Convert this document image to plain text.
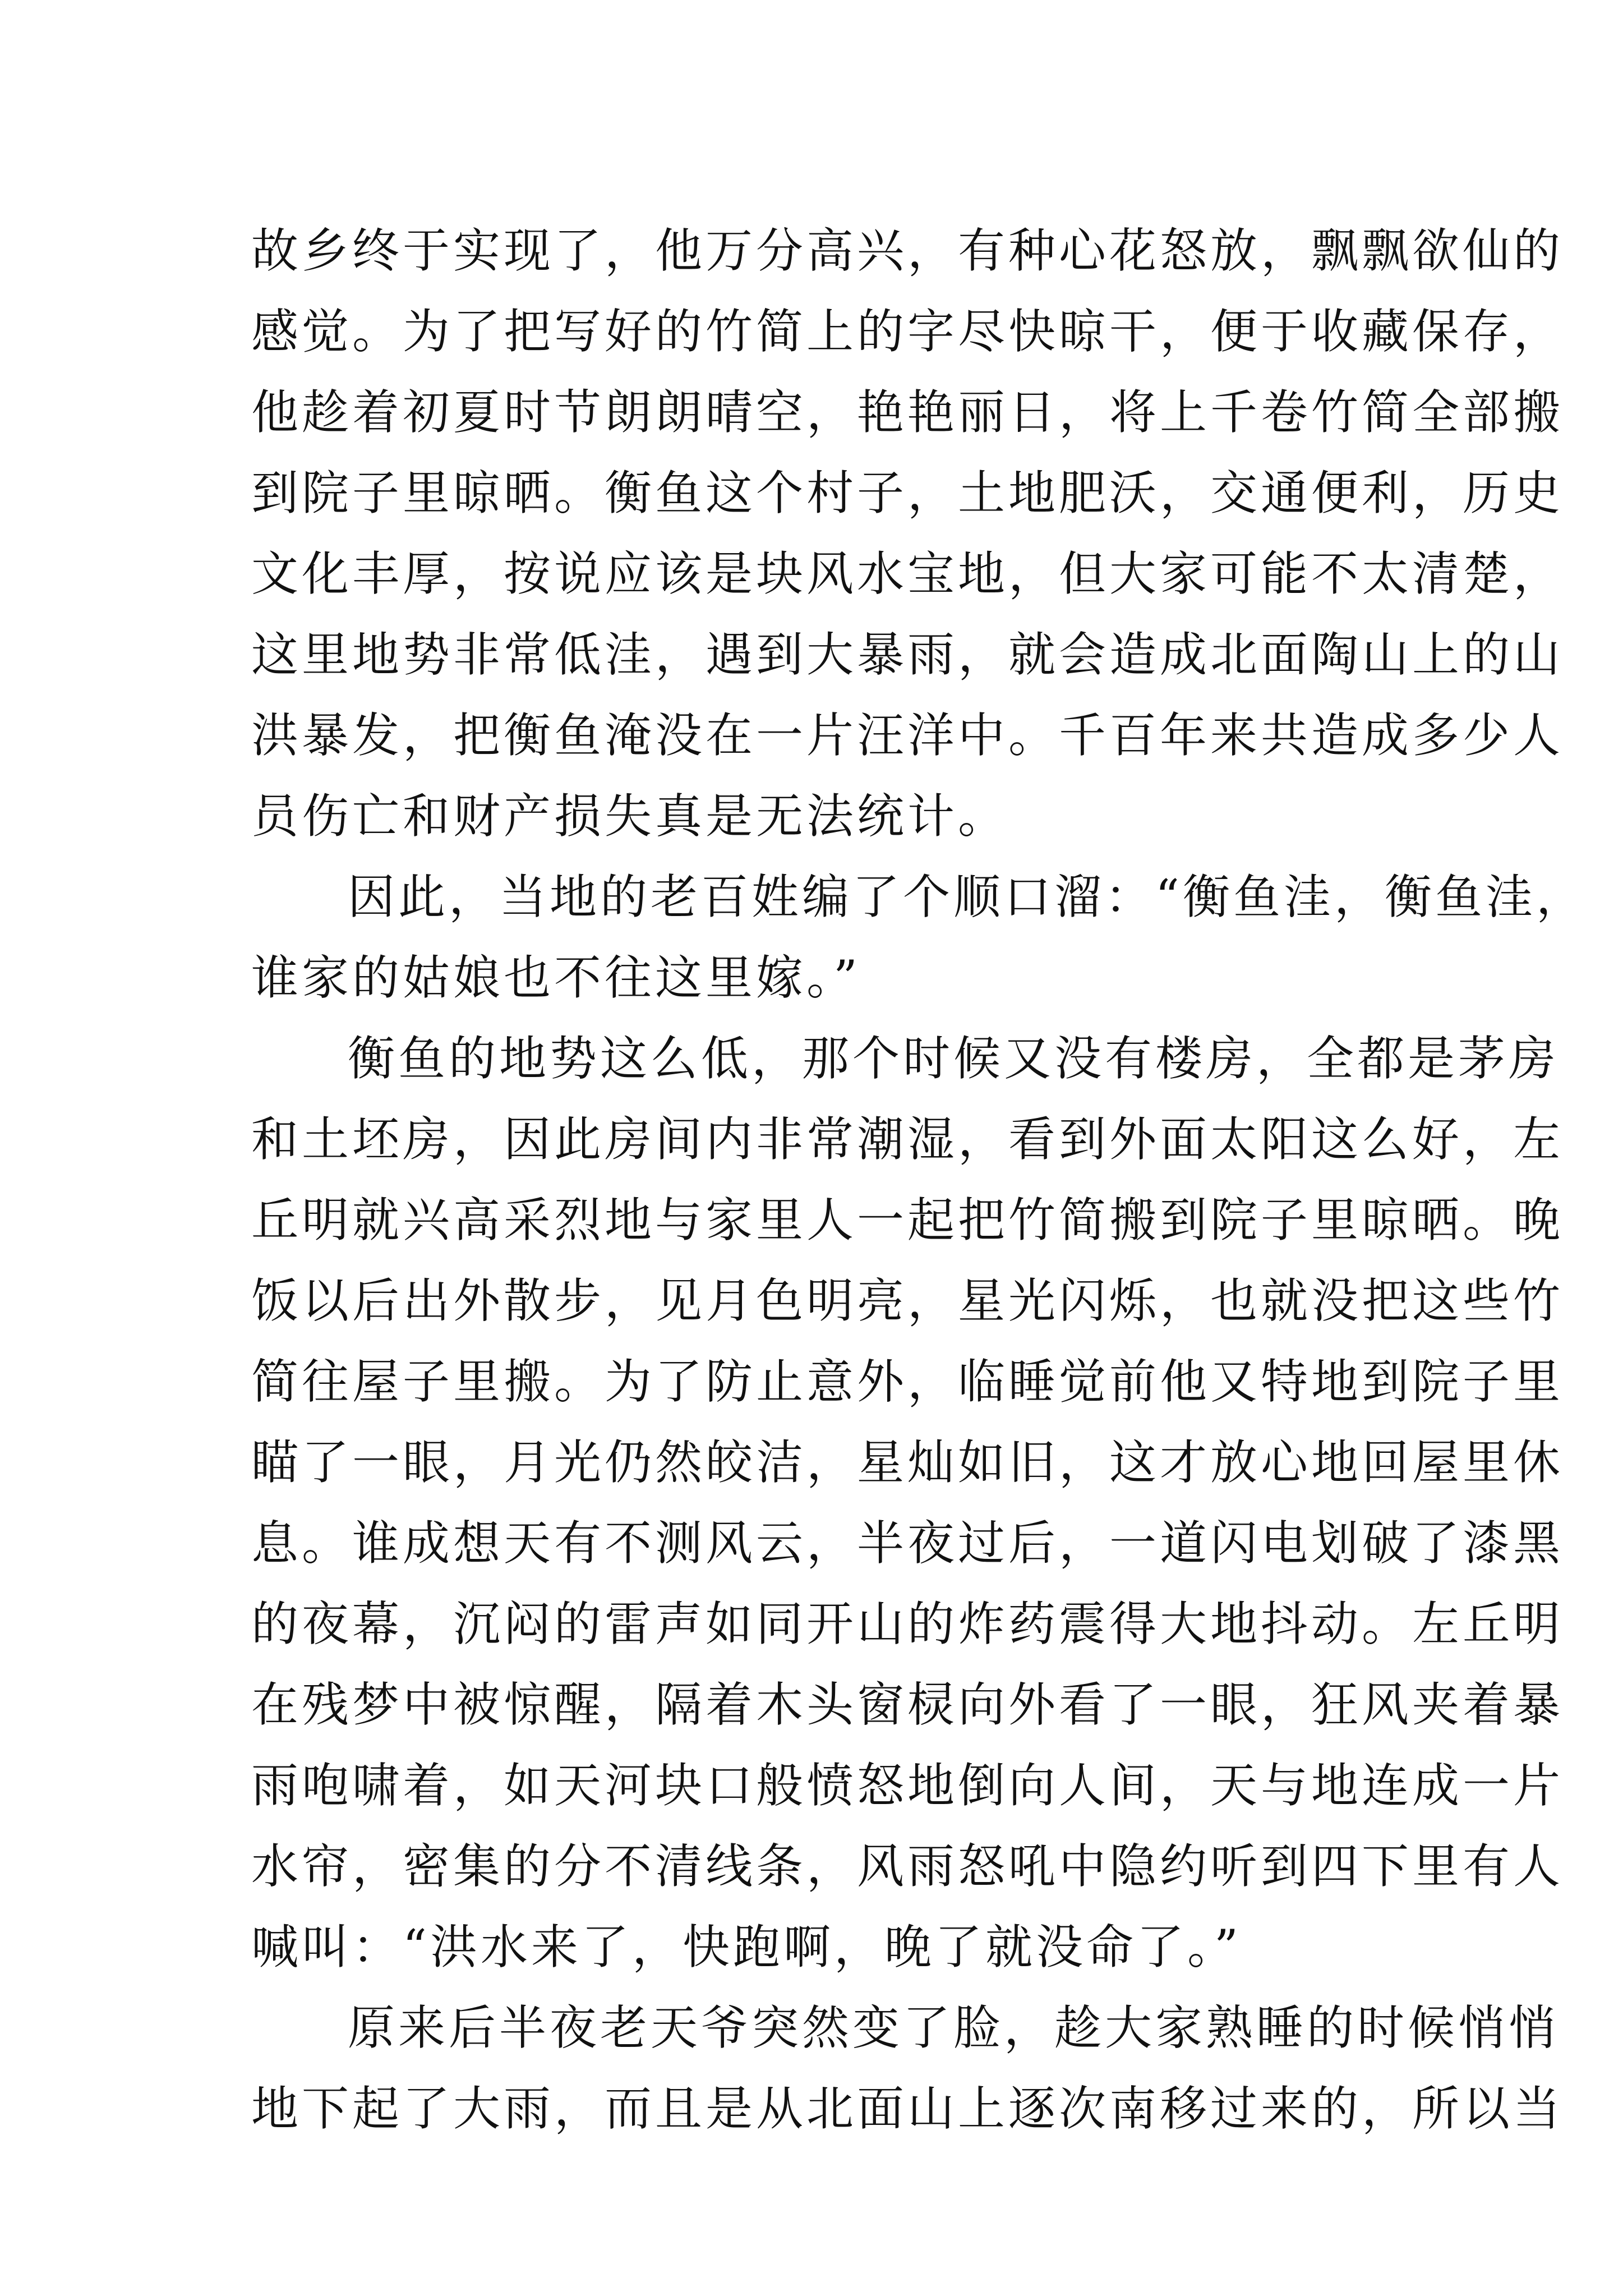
故乡终于实现了，他万分高兴，有种心花怒放，飘飘欲仙的
感觉。为了把写好的竹简上的字尽快晾干，便于收藏保存，
他趁着初夏时节朗朗晴空，艳艳丽日，将上千卷竹简全部搬
到院子里晾晒。衡鱼这个村子，土地肥沃，交通便利，历史
文化丰厚，按说应该是块风水宝地，但大家可能不太清楚，
这里地势非常低洼，遇到大暴雨，就会造成北面陶山上的山
洪暴发，把衡鱼淹没在一片汪洋中。千百年来共造成多少人
员伤亡和财产损失真是无法统计。
因此，当地的老百姓编了个顺口溜：“衡鱼洼，衡鱼洼，
谁家的姑娘也不往这里嫁。”
衡鱼的地势这么低，那个时候又没有楼房，全都是茅房
和土坯房，因此房间内非常潮湿，看到外面太阳这么好，左
丘明就兴高采烈地与家里人一起把竹简搬到院子里晾晒。晚
饭以后出外散步，见月色明亮，星光闪烁，也就没把这些竹
简往屋子里搬。为了防止意外，临睡觉前他又特地到院子里
瞄了一眼，月光仍然皎洁，星灿如旧，这才放心地回屋里休
息。谁成想天有不测风云，半夜过后，一道闪电划破了漆黑
的夜幕，沉闷的雷声如同开山的炸药震得大地抖动。左丘明
在残梦中被惊醒，隔着木头窗棂向外看了一眼，狂风夹着暴
雨咆啸着，如天河块口般愤怒地倒向人间，天与地连成一片
水帘，密集的分不清线条，风雨怒吼中隐约听到四下里有人
喊叫：“洪水来了，快跑啊，晚了就没命了。”
原来后半夜老天爷突然变了脸，趁大家熟睡的时候悄悄
地下起了大雨，而且是从北面山上逐次南移过来的，所以当
